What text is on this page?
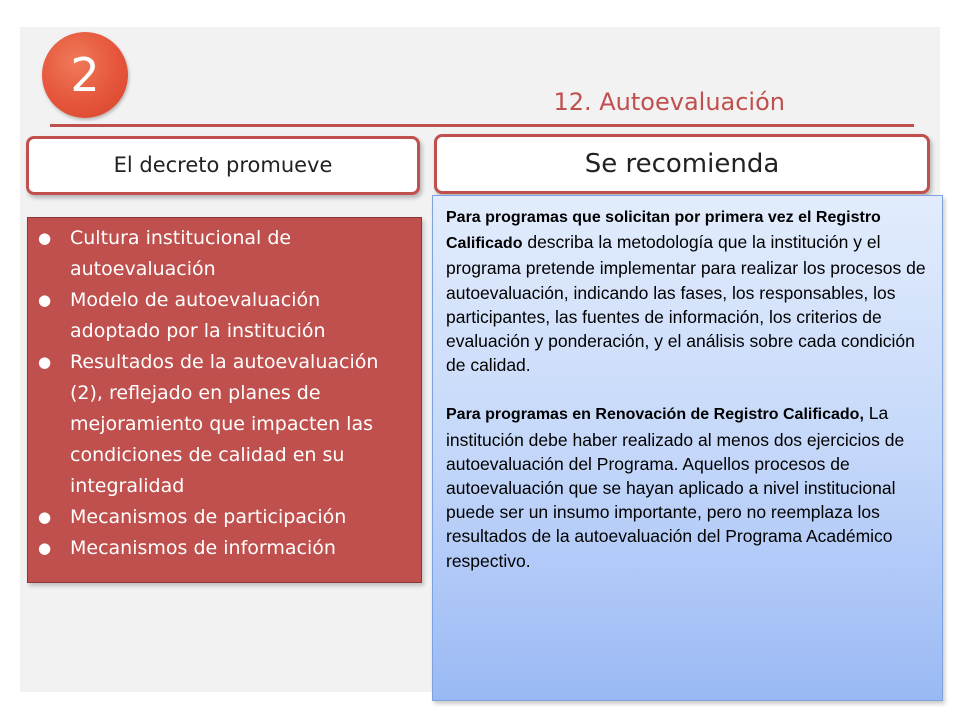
2	12. Autoevaluación
El decreto promueve	Se recomienda
● Cultura institucional de autoevaluación
● Modelo de autoevaluación adoptado por la institución
● Resultados de la autoevaluación (2), reflejado en planes de mejoramiento que impacten las condiciones de calidad en su integralidad
● Mecanismos de participación
● Mecanismos de información

Para programas que solicitan por primera vez el Registro Calificado describa la metodología que la institución y el programa pretende implementar para realizar los procesos de autoevaluación, indicando las fases, los responsables, los participantes, las fuentes de información, los criterios de evaluación y ponderación, y el análisis sobre cada condición de calidad.

Para programas en Renovación de Registro Calificado, La institución debe haber realizado al menos dos ejercicios de autoevaluación del Programa. Aquellos procesos de autoevaluación que se hayan aplicado a nivel institucional puede ser un insumo importante, pero no reemplaza los resultados de la autoevaluación del Programa Académico respectivo.
